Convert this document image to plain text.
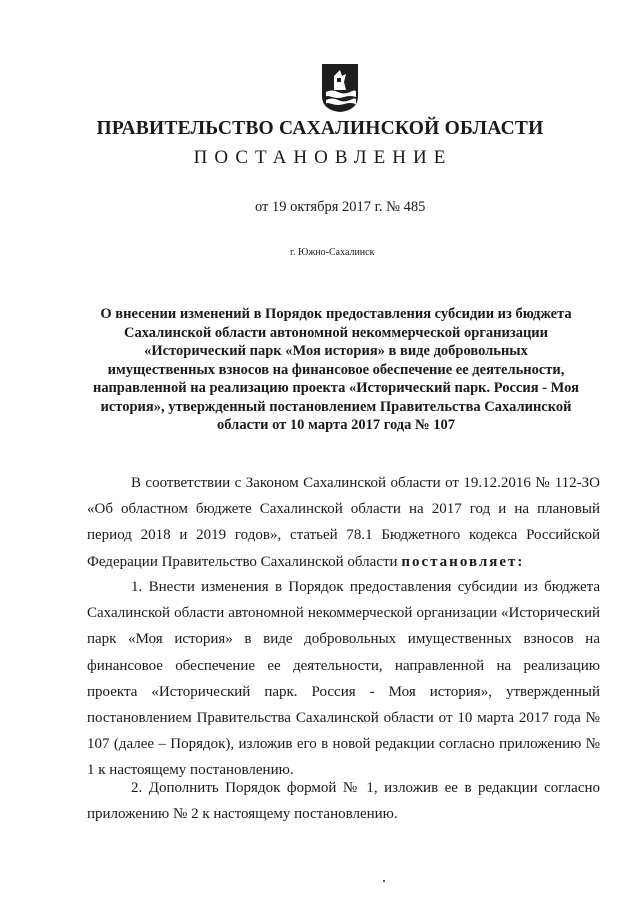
ПРАВИТЕЛЬСТВО САХАЛИНСКОЙ ОБЛАСТИ
ПОСТАНОВЛЕНИЕ
от 19 октября 2017 г. № 485
г. Южно-Сахалинск
О внесении изменений в Порядок предоставления субсидии из бюджета Сахалинской области автономной некоммерческой организации «Исторический парк «Моя история» в виде добровольных имущественных взносов на финансовое обеспечение ее деятельности, направленной на реализацию проекта «Исторический парк. Россия - Моя история», утвержденный постановлением Правительства Сахалинской области от 10 марта 2017 года № 107
В соответствии с Законом Сахалинской области от 19.12.2016 № 112-ЗО «Об областном бюджете Сахалинской области на 2017 год и на плановый период 2018 и 2019 годов», статьей 78.1 Бюджетного кодекса Российской Федерации Правительство Сахалинской области постановляет:
1. Внести изменения в Порядок предоставления субсидии из бюджета Сахалинской области автономной некоммерческой организации «Исторический парк «Моя история» в виде добровольных имущественных взносов на финансовое обеспечение ее деятельности, направленной на реализацию проекта «Исторический парк. Россия - Моя история», утвержденный постановлением Правительства Сахалинской области от 10 марта 2017 года № 107 (далее – Порядок), изложив его в новой редакции согласно приложению № 1 к настоящему постановлению.
2. Дополнить Порядок формой № 1, изложив ее в редакции согласно приложению № 2 к настоящему постановлению.
